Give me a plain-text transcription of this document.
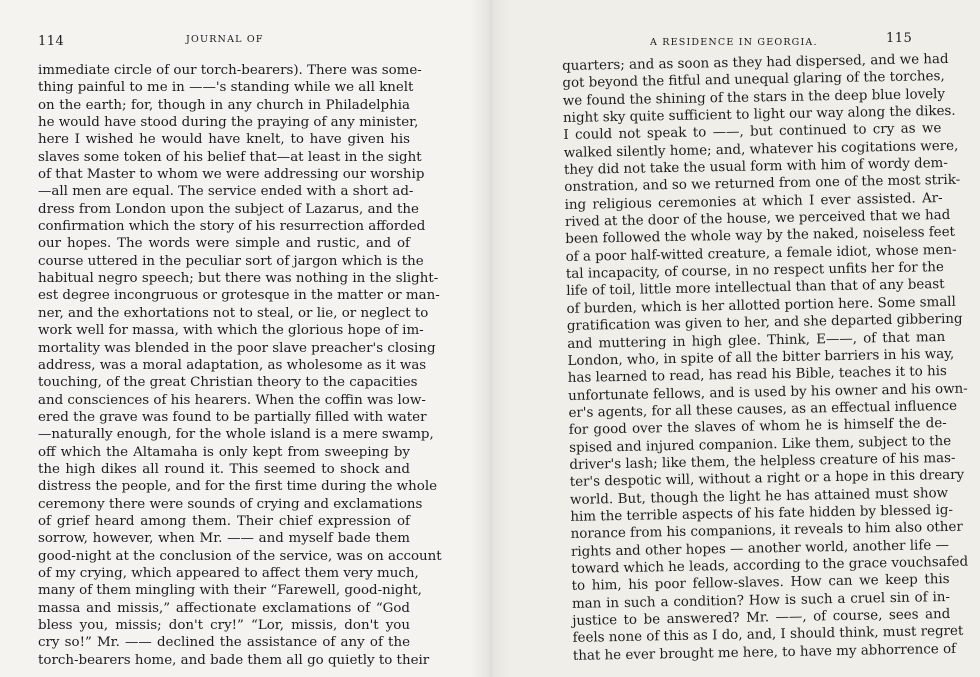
114	JOURNAL OF
immediate circle of our torch-bearers). There was some-
thing painful to me in ——'s standing while we all knelt
on the earth; for, though in any church in Philadelphia
he would have stood during the praying of any minister,
here I wished he would have knelt, to have given his
slaves some token of his belief that—at least in the sight
of that Master to whom we were addressing our worship
—all men are equal. The service ended with a short ad-
dress from London upon the subject of Lazarus, and the
confirmation which the story of his resurrection afforded
our hopes. The words were simple and rustic, and of
course uttered in the peculiar sort of jargon which is the
habitual negro speech; but there was nothing in the slight-
est degree incongruous or grotesque in the matter or man-
ner, and the exhortations not to steal, or lie, or neglect to
work well for massa, with which the glorious hope of im-
mortality was blended in the poor slave preacher's closing
address, was a moral adaptation, as wholesome as it was
touching, of the great Christian theory to the capacities
and consciences of his hearers. When the coffin was low-
ered the grave was found to be partially filled with water
—naturally enough, for the whole island is a mere swamp,
off which the Altamaha is only kept from sweeping by
the high dikes all round it. This seemed to shock and
distress the people, and for the first time during the whole
ceremony there were sounds of crying and exclamations
of grief heard among them. Their chief expression of
sorrow, however, when Mr. —— and myself bade them
good-night at the conclusion of the service, was on account
of my crying, which appeared to affect them very much,
many of them mingling with their “Farewell, good-night,
massa and missis,” affectionate exclamations of “God
bless you, missis; don't cry!” “Lor, missis, don't you
cry so!” Mr. —— declined the assistance of any of the
torch-bearers home, and bade them all go quietly to their
A RESIDENCE IN GEORGIA.	115
quarters; and as soon as they had dispersed, and we had
got beyond the fitful and unequal glaring of the torches,
we found the shining of the stars in the deep blue lovely
night sky quite sufficient to light our way along the dikes.
I could not speak to ——, but continued to cry as we
walked silently home; and, whatever his cogitations were,
they did not take the usual form with him of wordy dem-
onstration, and so we returned from one of the most strik-
ing religious ceremonies at which I ever assisted. Ar-
rived at the door of the house, we perceived that we had
been followed the whole way by the naked, noiseless feet
of a poor half-witted creature, a female idiot, whose men-
tal incapacity, of course, in no respect unfits her for the
life of toil, little more intellectual than that of any beast
of burden, which is her allotted portion here. Some small
gratification was given to her, and she departed gibbering
and muttering in high glee. Think, E——, of that man
London, who, in spite of all the bitter barriers in his way,
has learned to read, has read his Bible, teaches it to his
unfortunate fellows, and is used by his owner and his own-
er's agents, for all these causes, as an effectual influence
for good over the slaves of whom he is himself the de-
spised and injured companion. Like them, subject to the
driver's lash; like them, the helpless creature of his mas-
ter's despotic will, without a right or a hope in this dreary
world. But, though the light he has attained must show
him the terrible aspects of his fate hidden by blessed ig-
norance from his companions, it reveals to him also other
rights and other hopes — another world, another life —
toward which he leads, according to the grace vouchsafed
to him, his poor fellow-slaves. How can we keep this
man in such a condition? How is such a cruel sin of in-
justice to be answered? Mr. ——, of course, sees and
feels none of this as I do, and, I should think, must regret
that he ever brought me here, to have my abhorrence of
